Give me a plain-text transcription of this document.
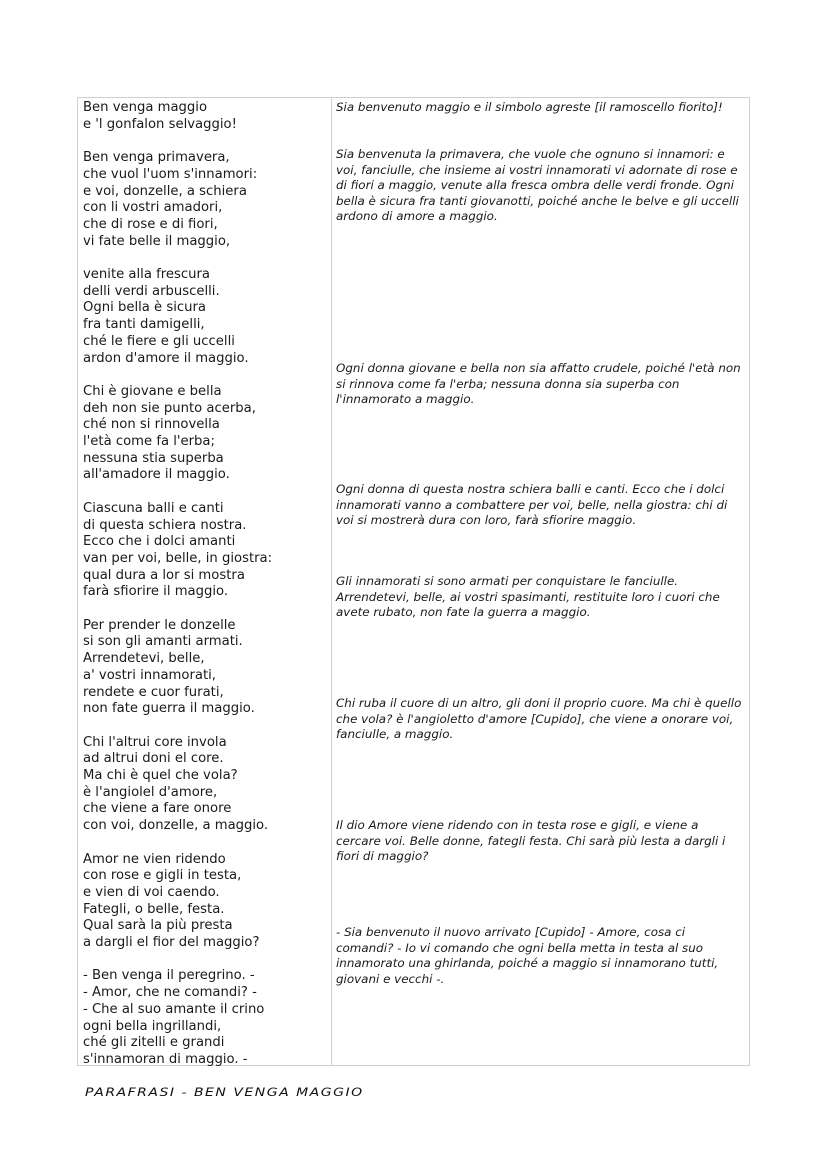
Ben venga maggio
e 'l gonfalon selvaggio!
Ben venga primavera,
che vuol l'uom s'innamori:
e voi, donzelle, a schiera
con li vostri amadori,
che di rose e di fiori,
vi fate belle il maggio,
venite alla frescura
delli verdi arbuscelli.
Ogni bella è sicura
fra tanti damigelli,
ché le fiere e gli uccelli
ardon d'amore il maggio.
Chi è giovane e bella
deh non sie punto acerba,
ché non si rinnovella
l'età come fa l'erba;
nessuna stia superba
all'amadore il maggio.
Ciascuna balli e canti
di questa schiera nostra.
Ecco che i dolci amanti
van per voi, belle, in giostra:
qual dura a lor si mostra
farà sfiorire il maggio.
Per prender le donzelle
si son gli amanti armati.
Arrendetevi, belle,
a' vostri innamorati,
rendete e cuor furati,
non fate guerra il maggio.
Chi l'altrui core invola
ad altrui doni el core.
Ma chi è quel che vola?
è l'angiolel d'amore,
che viene a fare onore
con voi, donzelle, a maggio.
Amor ne vien ridendo
con rose e gigli in testa,
e vien di voi caendo.
Fategli, o belle, festa.
Qual sarà la più presta
a dargli el fior del maggio?
- Ben venga il peregrino. -
- Amor, che ne comandi? -
- Che al suo amante il crino
ogni bella ingrillandi,
ché gli zitelli e grandi
s'innamoran di maggio. -
Sia benvenuto maggio e il simbolo agreste [il ramoscello fiorito]!
Sia benvenuta la primavera, che vuole che ognuno si innamori: e voi, fanciulle, che insieme ai vostri innamorati vi adornate di rose e di fiori a maggio, venute alla fresca ombra delle verdi fronde. Ogni bella è sicura fra tanti giovanotti, poiché anche le belve e gli uccelli ardono di amore a maggio.
Ogni donna giovane e bella non sia affatto crudele, poiché l'età non si rinnova come fa l'erba; nessuna donna sia superba con l'innamorato a maggio.
Ogni donna di questa nostra schiera balli e canti. Ecco che i dolci innamorati vanno a combattere per voi, belle, nella giostra: chi di voi si mostrerà dura con loro, farà sfiorire maggio.
Gli innamorati si sono armati per conquistare le fanciulle. Arrendetevi, belle, ai vostri spasimanti, restituite loro i cuori che avete rubato, non fate la guerra a maggio.
Chi ruba il cuore di un altro, gli doni il proprio cuore. Ma chi è quello che vola? è l'angioletto d'amore [Cupido], che viene a onorare voi, fanciulle, a maggio.
Il dio Amore viene ridendo con in testa rose e gigli, e viene a cercare voi. Belle donne, fategli festa. Chi sarà più lesta a dargli i fiori di maggio?
- Sia benvenuto il nuovo arrivato [Cupido] - Amore, cosa ci comandi? - Io vi comando che ogni bella metta in testa al suo innamorato una ghirlanda, poiché a maggio si innamorano tutti, giovani e vecchi -.
PARAFRASI - BEN VENGA MAGGIO
